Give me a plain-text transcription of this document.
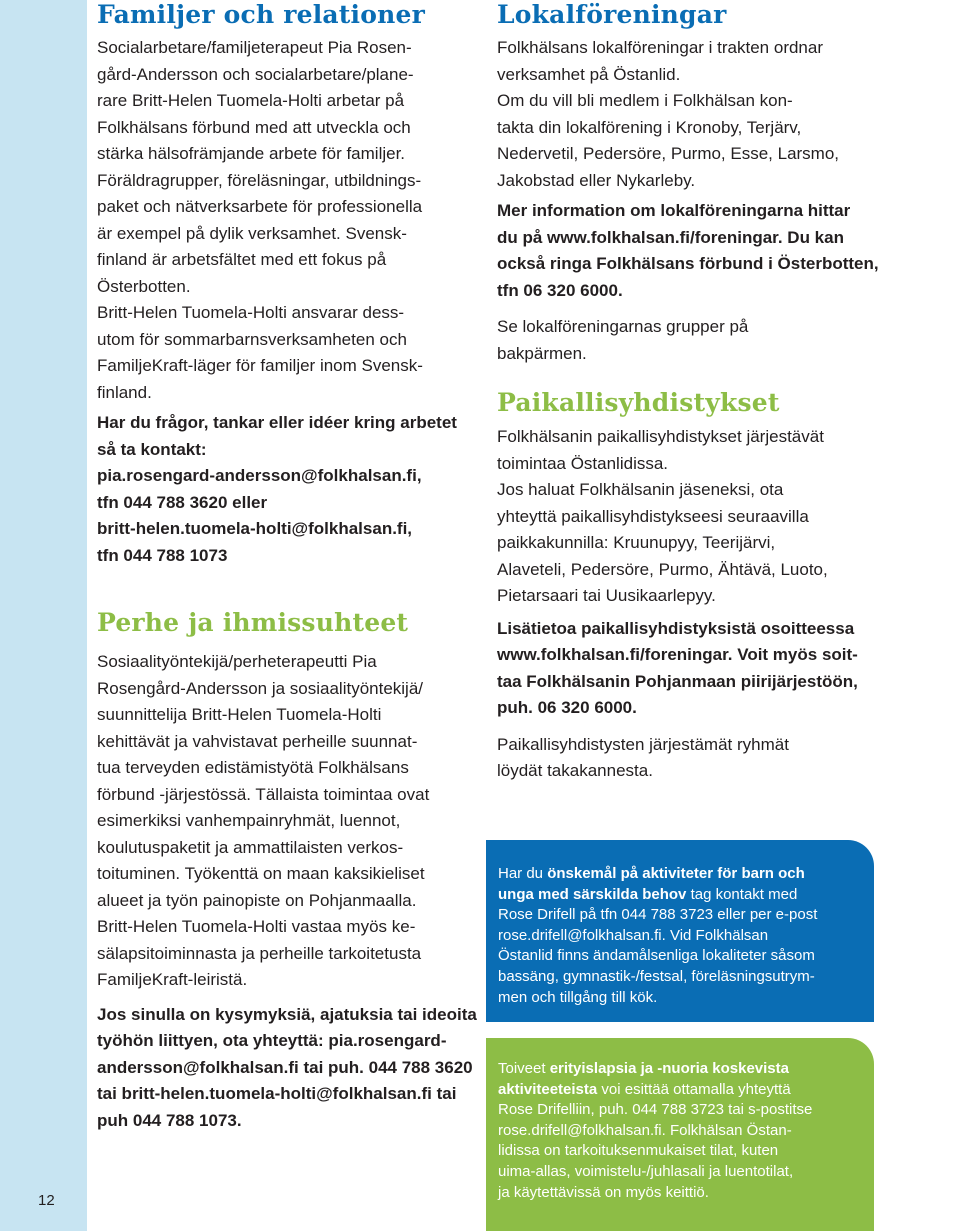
12
Familjer och relationer

Socialarbetare/familjeterapeut Pia Rosen-
gård-Andersson och socialarbetare/plane-
rare Britt-Helen Tuomela-Holti arbetar på
Folkhälsans förbund med att utveckla och
stärka hälsofrämjande arbete för familjer.
Föräldragrupper, föreläsningar, utbildnings-
paket och nätverksarbete för professionella
är exempel på dylik verksamhet. Svensk-
finland är arbetsfältet med ett fokus på
Österbotten.
Britt-Helen Tuomela-Holti ansvarar dess-
utom för sommarbarnsverksamheten och
FamiljeKraft-läger för familjer inom Svensk-
finland.

Har du frågor, tankar eller idéer kring arbetet
så ta kontakt:
pia.rosengard-andersson@folkhalsan.fi,
tfn 044 788 3620 eller
britt-helen.tuomela-holti@folkhalsan.fi,
tfn 044 788 1073

Perhe ja ihmissuhteet

Sosiaalityöntekijä/perheterapeutti Pia
Rosengård-Andersson ja sosiaalityöntekijä/
suunnittelija Britt-Helen Tuomela-Holti
kehittävät ja vahvistavat perheille suunnat-
tua terveyden edistämistyötä Folkhälsans
förbund -järjestössä. Tällaista toimintaa ovat
esimerkiksi vanhempainryhmät, luennot,
koulutuspaketit ja ammattilaisten verkos-
toituminen. Työkenttä on maan kaksikieliset
alueet ja työn painopiste on Pohjanmaalla.
Britt-Helen Tuomela-Holti vastaa myös ke-
sälapsitoiminnasta ja perheille tarkoitetusta
FamiljeKraft-leiristä.

Jos sinulla on kysymyksiä, ajatuksia tai ideoita
työhön liittyen, ota yhteyttä: pia.rosengard-
andersson@folkhalsan.fi tai puh. 044 788 3620
tai britt-helen.tuomela-holti@folkhalsan.fi tai
puh 044 788 1073.

Lokalföreningar

Folkhälsans lokalföreningar i trakten ordnar
verksamhet på Östanlid.
Om du vill bli medlem i Folkhälsan kon-
takta din lokalförening i Kronoby, Terjärv,
Nedervetil, Pedersöre, Purmo, Esse, Larsmo,
Jakobstad eller Nykarleby.

Mer information om lokalföreningarna hittar
du på www.folkhalsan.fi/foreningar. Du kan
också ringa Folkhälsans förbund i Österbotten,
tfn 06 320 6000.

Se lokalföreningarnas grupper på
bakpärmen.

Paikallisyhdistykset

Folkhälsanin paikallisyhdistykset järjestävät
toimintaa Östanlidissa.
Jos haluat Folkhälsanin jäseneksi, ota
yhteyttä paikallisyhdistykseesi seuraavilla
paikkakunnilla: Kruunupyy, Teerijärvi,
Alaveteli, Pedersöre, Purmo, Ähtävä, Luoto,
Pietarsaari tai Uusikaarlepyy.

Lisätietoa paikallisyhdistyksistä osoitteessa
www.folkhalsan.fi/foreningar. Voit myös soit-
taa Folkhälsanin Pohjanmaan piirijärjestöön,
puh. 06 320 6000.

Paikallisyhdistysten järjestämät ryhmät
löydät takakannesta.

Har du önskemål på aktiviteter för barn och
unga med särskilda behov tag kontakt med
Rose Drifell på tfn 044 788 3723 eller per e-post
rose.drifell@folkhalsan.fi. Vid Folkhälsan
Östanlid finns ändamålsenliga lokaliteter såsom
bassäng, gymnastik-/festsal, föreläsningsutrym-
men och tillgång till kök.
Toiveet erityislapsia ja -nuoria koskevista
aktiviteeteista voi esittää ottamalla yhteyttä
Rose Drifelliin, puh. 044 788 3723 tai s-postitse
rose.drifell@folkhalsan.fi. Folkhälsan Östan-
lidissa on tarkoituksenmukaiset tilat, kuten
uima-allas, voimistelu-/juhlasali ja luentotilat,
ja käytettävissä on myös keittiö.
